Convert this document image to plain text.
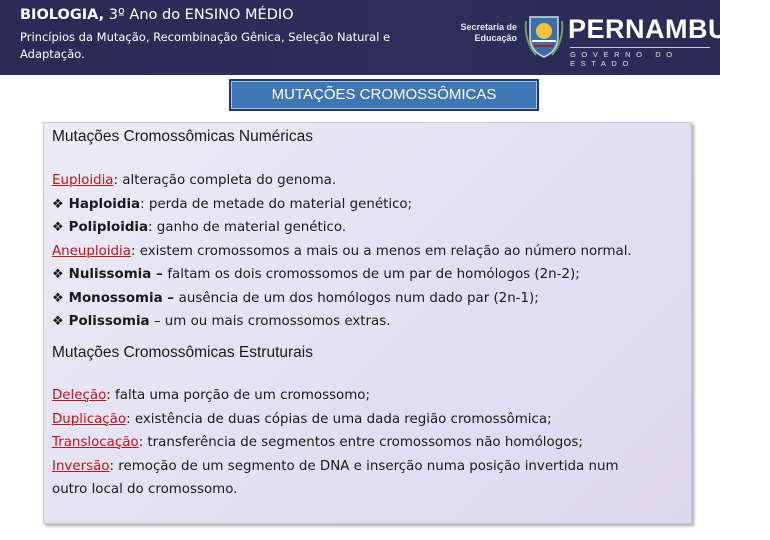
BIOLOGIA, 3º Ano do ENSINO MÉDIO
Princípios da Mutação, Recombinação Gênica, Seleção Natural e Adaptação.
Secretaria de
Educação PERNAMBUCO
GOVERNO DO ESTADO
MUTAÇÕES CROMOSSÔMICAS
Mutações Cromossômicas Numéricas
Euploidia: alteração completa do genoma.
❖ Haploidia: perda de metade do material genético;
❖ Poliploidia: ganho de material genético.
Aneuploidia: existem cromossomos a mais ou a menos em relação ao número normal.
❖ Nulissomia – faltam os dois cromossomos de um par de homólogos (2n-2);
❖ Monossomia – ausência de um dos homólogos num dado par (2n-1);
❖ Polissomia – um ou mais cromossomos extras.
Mutações Cromossômicas Estruturais
Deleção: falta uma porção de um cromossomo;
Duplicação: existência de duas cópias de uma dada região cromossômica;
Translocação: transferência de segmentos entre cromossomos não homólogos;
Inversão: remoção de um segmento de DNA e inserção numa posição invertida num
outro local do cromossomo.
